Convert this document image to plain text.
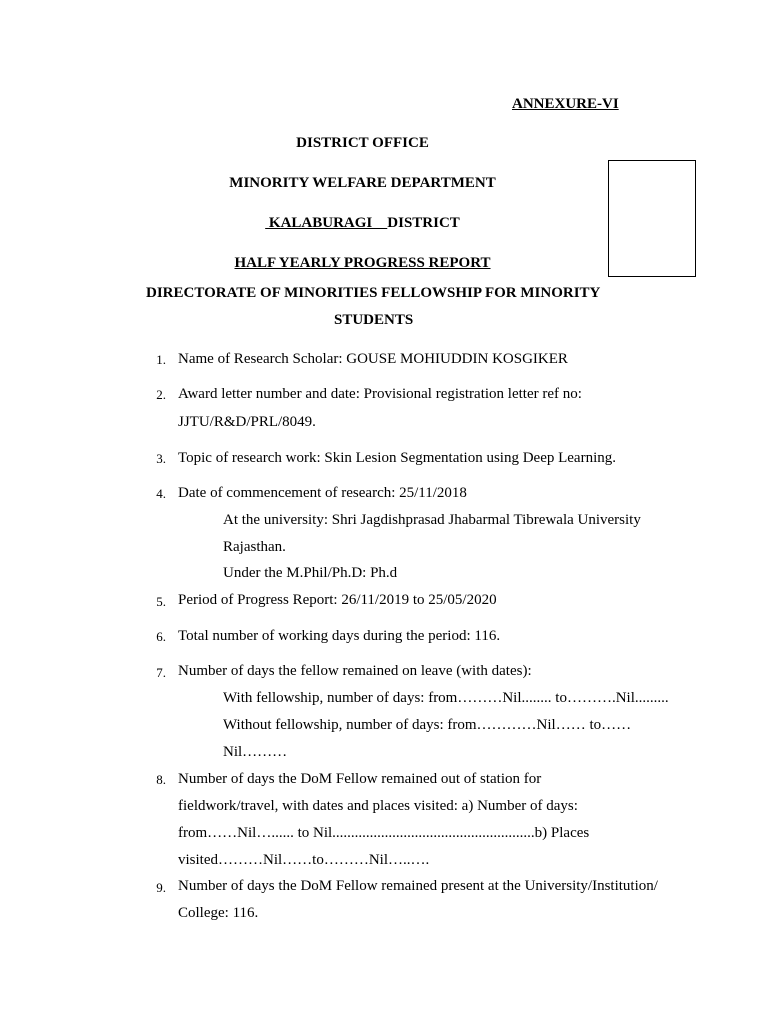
ANNEXURE-VI
DISTRICT OFFICE
MINORITY WELFARE DEPARTMENT
KALABURAGI    DISTRICT
HALF YEARLY PROGRESS REPORT
DIRECTORATE OF MINORITIES FELLOWSHIP FOR MINORITY
STUDENTS
1. Name of Research Scholar: GOUSE MOHIUDDIN KOSGIKER
2. Award letter number and date: Provisional registration letter ref no:
JJTU/R&D/PRL/8049.
3. Topic of research work: Skin Lesion Segmentation using Deep Learning.
4. Date of commencement of research: 25/11/2018
At the university: Shri Jagdishprasad Jhabarmal Tibrewala University
Rajasthan.
Under the M.Phil/Ph.D: Ph.d
5. Period of Progress Report: 26/11/2019 to 25/05/2020
6. Total number of working days during the period: 116.
7. Number of days the fellow remained on leave (with dates):
With fellowship, number of days: from………Nil........ to……….Nil.........
Without fellowship, number of days: from…………Nil…… to……
Nil………
8. Number of days the DoM Fellow remained out of station for
fieldwork/travel, with dates and places visited: a) Number of days:
from……Nil…...... to Nil......................................................b) Places
visited………Nil……to………Nil…..….
9. Number of days the DoM Fellow remained present at the University/Institution/
College: 116.
